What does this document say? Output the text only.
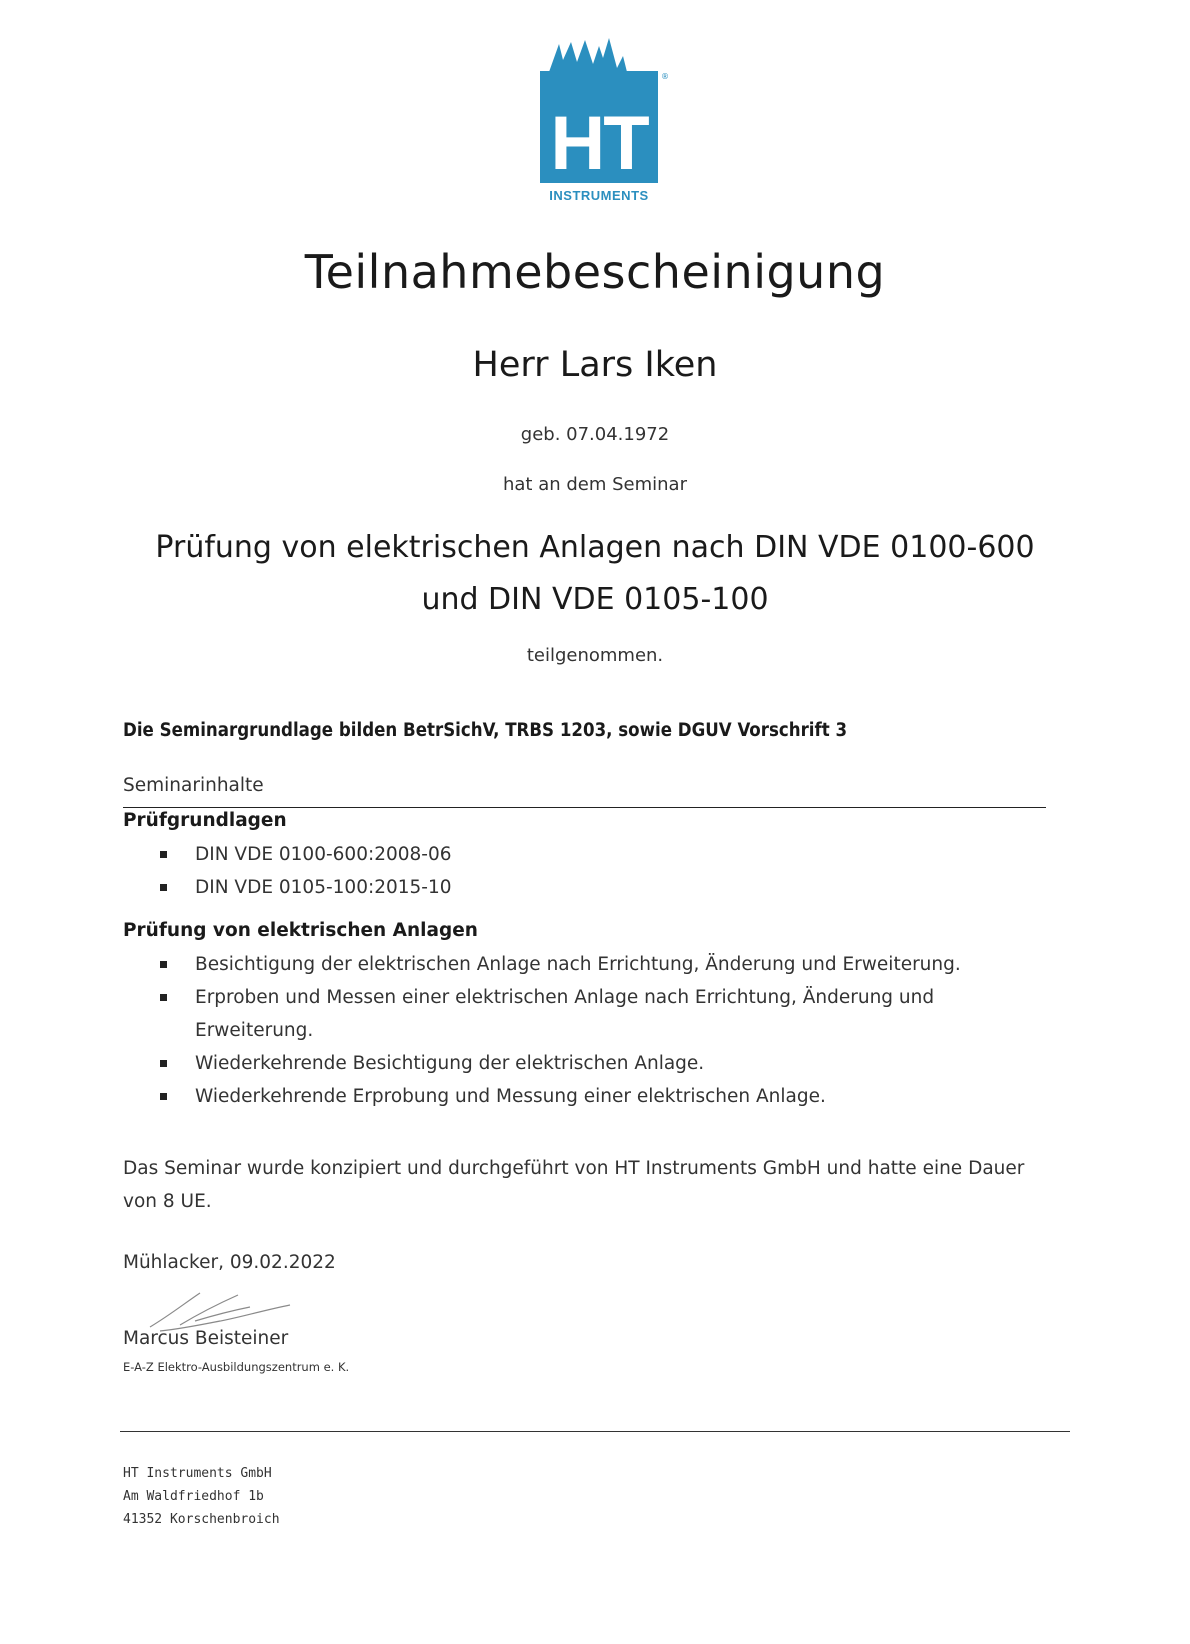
HT
®
INSTRUMENTS
Teilnahmebescheinigung
Herr Lars Iken
geb. 07.04.1972
hat an dem Seminar
Prüfung von elektrischen Anlagen nach DIN VDE 0100-600
und DIN VDE 0105-100
teilgenommen.
Die Seminargrundlage bilden BetrSichV, TRBS 1203, sowie DGUV Vorschrift 3
Seminarinhalte
Prüfgrundlagen
DIN VDE 0100-600:2008-06
DIN VDE 0105-100:2015-10
Prüfung von elektrischen Anlagen
Besichtigung der elektrischen Anlage nach Errichtung, Änderung und Erweiterung.
Erproben und Messen einer elektrischen Anlage nach Errichtung, Änderung und Erweiterung.
Wiederkehrende Besichtigung der elektrischen Anlage.
Wiederkehrende Erprobung und Messung einer elektrischen Anlage.
Das Seminar wurde konzipiert und durchgeführt von HT Instruments GmbH und hatte eine Dauer von 8 UE.
Mühlacker, 09.02.2022
Marcus Beisteiner
E-A-Z Elektro-Ausbildungszentrum e. K.
HT Instruments GmbH
Am Waldfriedhof 1b
41352 Korschenbroich
